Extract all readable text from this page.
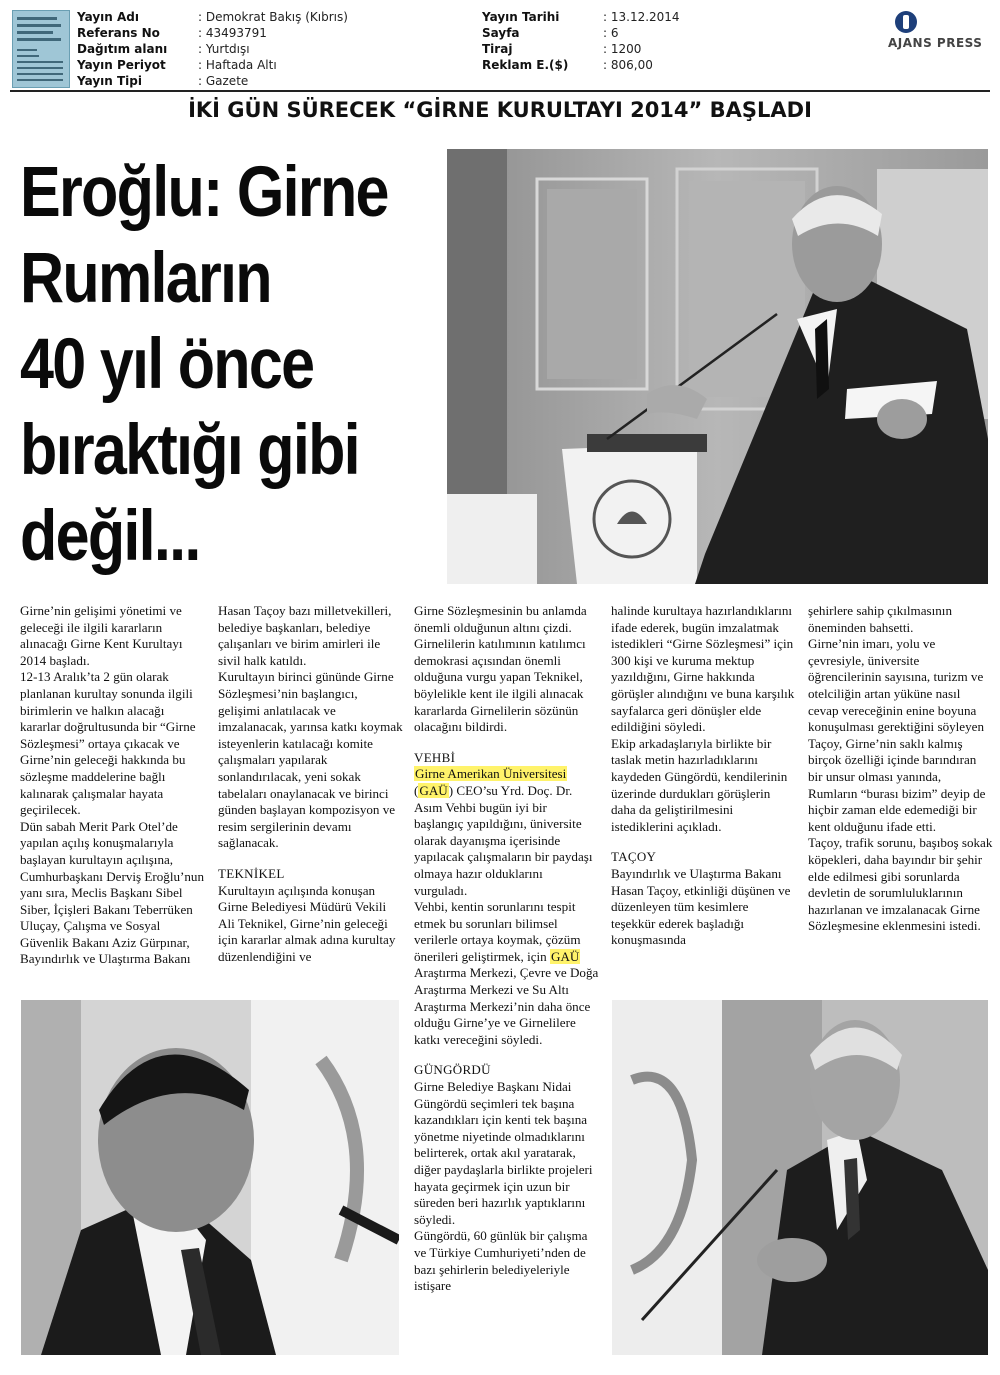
Yayın Adı	: Demokrat Bakış (Kıbrıs)
Referans No	: 43493791
Dağıtım alanı	: Yurtdışı
Yayın Periyot	: Haftada Altı
Yayın Tipi	: Gazete
Yayın Tarihi	: 13.12.2014
Sayfa	: 6
Tiraj	: 1200
Reklam E.($)	: 806,00
AJANS PRESS
İKİ GÜN SÜRECEK “GİRNE KURULTAYI 2014” BAŞLADI
Eroğlu: Girne
Rumların
40 yıl önce
bıraktığı gibi
değil...

Girne’nin gelişimi yönetimi ve geleceği ile ilgili kararların alınacağı Girne Kent Kurultayı 2014 başladı.

12-13 Aralık’ta 2 gün olarak planlanan kurultay sonunda ilgili birimlerin ve halkın alacağı kararlar doğrultusunda bir “Girne Sözleşmesi” ortaya çıkacak ve Girne’nin geleceği hakkında bu sözleşme maddelerine bağlı kalınarak çalışmalar hayata geçirilecek.

Dün sabah Merit Park Otel’de yapılan açılış konuşmalarıyla başlayan kurultayın açılışına, Cumhurbaşkanı Derviş Eroğlu’nun yanı sıra, Meclis Başkanı Sibel Siber, İçişleri Bakanı Teberrüken Uluçay, Çalışma ve Sosyal Güvenlik Bakanı Aziz Gürpınar, Bayındırlık ve Ulaştırma Bakanı

Hasan Taçoy bazı milletvekilleri, belediye başkanları, belediye çalışanları ve birim amirleri ile sivil halk katıldı.

Kurultayın birinci gününde Girne Sözleşmesi’nin başlangıcı, gelişimi anlatılacak ve imzalanacak, yarınsa katkı koymak isteyenlerin katılacağı komite çalışmaları yapılarak sonlandırılacak, yeni sokak tabelaları onaylanacak ve birinci günden başlayan kompozisyon ve resim sergilerinin devamı sağlanacak.

TEKNİKEL

Kurultayın açılışında konuşan Girne Belediyesi Müdürü Vekili Ali Teknikel, Girne’nin geleceği için kararlar almak adına kurultay düzenlendiğini ve

Girne Sözleşmesinin bu anlamda önemli olduğunun altını çizdi.

Girnelilerin katılımının katılımcı demokrasi açısından önemli olduğuna vurgu yapan Teknikel, böylelikle kent ile ilgili alınacak kararlarda Girnelilerin sözünün olacağını bildirdi.

VEHBİ

Girne Amerikan Üniversitesi
(GAÜ) CEO’su Yrd. Doç. Dr. Asım Vehbi bugün iyi bir başlangıç yapıldığını, üniversite olarak dayanışma içerisinde yapılacak çalışmaların bir paydaşı olmaya hazır olduklarını vurguladı.

Vehbi, kentin sorunlarını tespit etmek bu sorunları bilimsel verilerle ortaya koymak, çözüm önerileri geliştirmek, için GAÜ Araştırma Merkezi, Çevre ve Doğa Araştırma Merkezi ve Su Altı Araştırma Merkezi’nin daha önce olduğu Girne’ye ve Girnelilere katkı vereceğini söyledi.

GÜNGÖRDÜ

Girne Belediye Başkanı Nidai Güngördü seçimleri tek başına kazandıkları için kenti tek başına yönetme niyetinde olmadıklarını belirterek, ortak akıl yaratarak, diğer paydaşlarla birlikte projeleri hayata geçirmek için uzun bir süreden beri hazırlık yaptıklarını söyledi.

Güngördü, 60 günlük bir çalışma ve Türkiye Cumhuriyeti’nden de bazı şehirlerin belediyeleriyle istişare

halinde kurultaya hazırlandıklarını ifade ederek, bugün imzalatmak istedikleri “Girne Sözleşmesi” için 300 kişi ve kuruma mektup yazıldığını, Girne hakkında görüşler alındığını ve buna karşılık sayfalarca geri dönüşler elde edildiğini söyledi.

Ekip arkadaşlarıyla birlikte bir taslak metin hazırladıklarını kaydeden Güngördü, kendilerinin üzerinde durdukları görüşlerin daha da geliştirilmesini istediklerini açıkladı.

TAÇOY

Bayındırlık ve Ulaştırma Bakanı Hasan Taçoy, etkinliği düşünen ve düzenleyen tüm kesimlere teşekkür ederek başladığı konuşmasında

şehirlere sahip çıkılmasının öneminden bahsetti.

Girne’nin imarı, yolu ve çevresiyle, üniversite öğrencilerinin sayısına, turizm ve otelciliğin artan yüküne nasıl cevap vereceğinin enine boyuna konuşulması gerektiğini söyleyen Taçoy, Girne’nin saklı kalmış birçok özelliği içinde barındıran bir unsur olması yanında, Rumların “burası bizim” deyip de hiçbir zaman elde edemediği bir kent olduğunu ifade etti.

Taçoy, trafik sorunu, başıboş sokak köpekleri, daha bayındır bir şehir elde edilmesi gibi sorunlarda devletin de sorumluluklarının hazırlanan ve imzalanacak Girne Sözleşmesine eklenmesini istedi.
